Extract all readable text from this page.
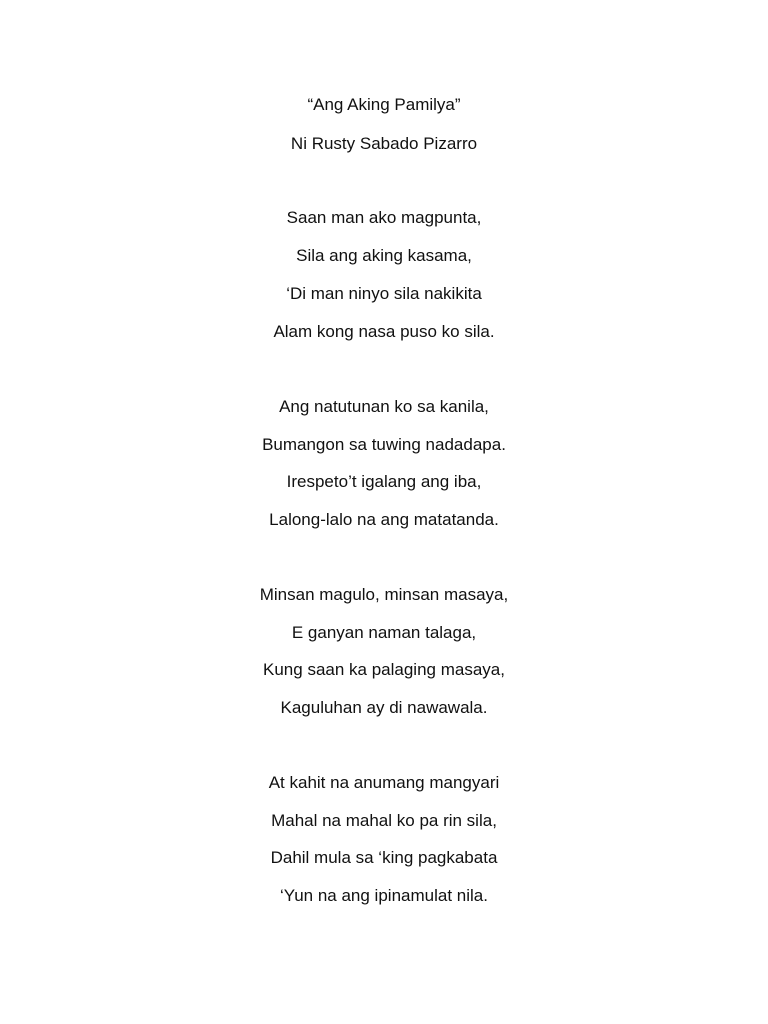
“Ang Aking Pamilya”
Ni Rusty Sabado Pizarro
Saan man ako magpunta,
Sila ang aking kasama,
‘Di man ninyo sila nakikita
Alam kong nasa puso ko sila.
Ang natutunan ko sa kanila,
Bumangon sa tuwing nadadapa.
Irespeto’t igalang ang iba,
Lalong-lalo na ang matatanda.
Minsan magulo, minsan masaya,
E ganyan naman talaga,
Kung saan ka palaging masaya,
Kaguluhan ay di nawawala.
At kahit na anumang mangyari
Mahal na mahal ko pa rin sila,
Dahil mula sa ‘king pagkabata
‘Yun na ang ipinamulat nila.
